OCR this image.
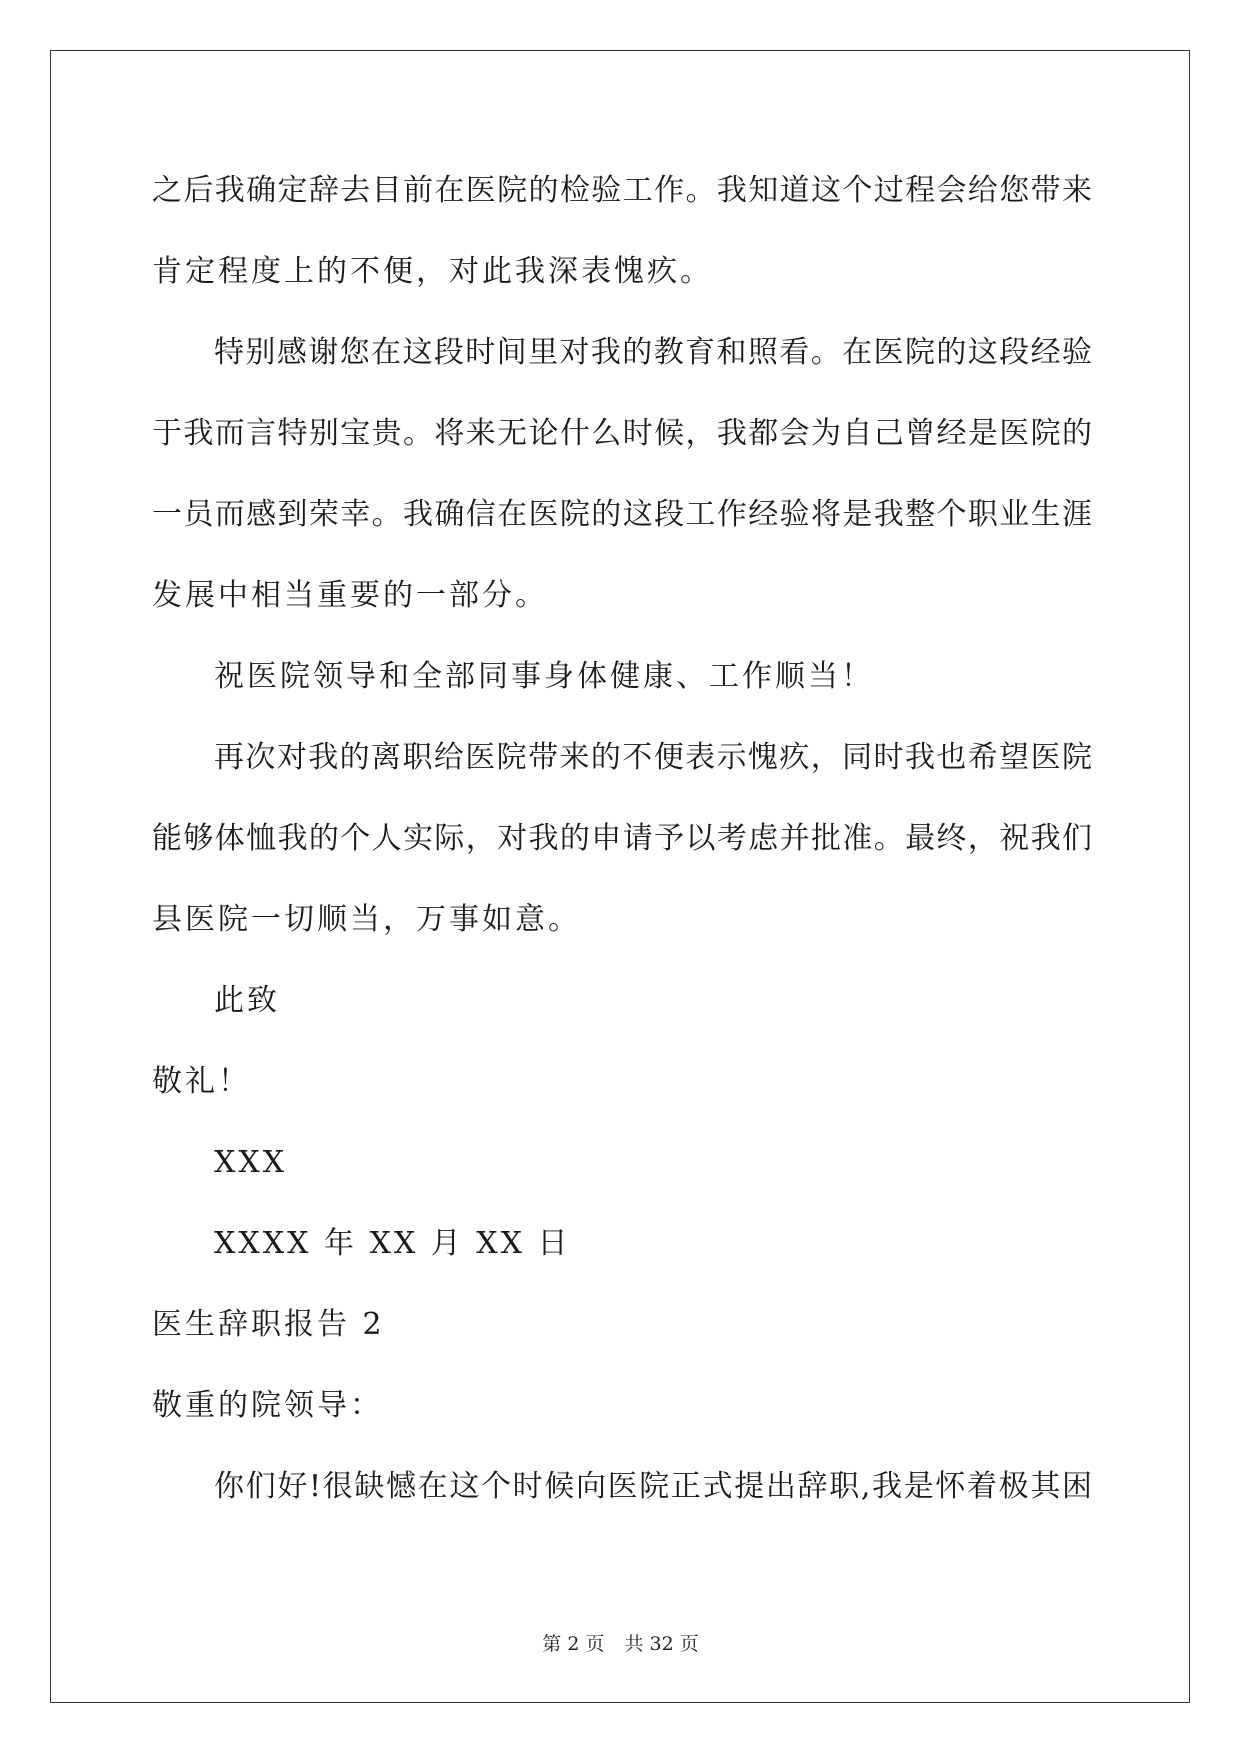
之后我确定辞去目前在医院的检验工作。我知道这个过程会给您带来
肯定程度上的不便，对此我深表愧疚。
特别感谢您在这段时间里对我的教育和照看。在医院的这段经验
于我而言特别宝贵。将来无论什么时候，我都会为自己曾经是医院的
一员而感到荣幸。我确信在医院的这段工作经验将是我整个职业生涯
发展中相当重要的一部分。
祝医院领导和全部同事身体健康、工作顺当！
再次对我的离职给医院带来的不便表示愧疚，同时我也希望医院
能够体恤我的个人实际，对我的申请予以考虑并批准。最终，祝我们
县医院一切顺当，万事如意。
此致
敬礼！
XXX
XXXX 年 XX 月 XX 日
医生辞职报告 2
敬重的院领导：
你们好!很缺憾在这个时候向医院正式提出辞职,我是怀着极其困
第 2 页 共 32 页
